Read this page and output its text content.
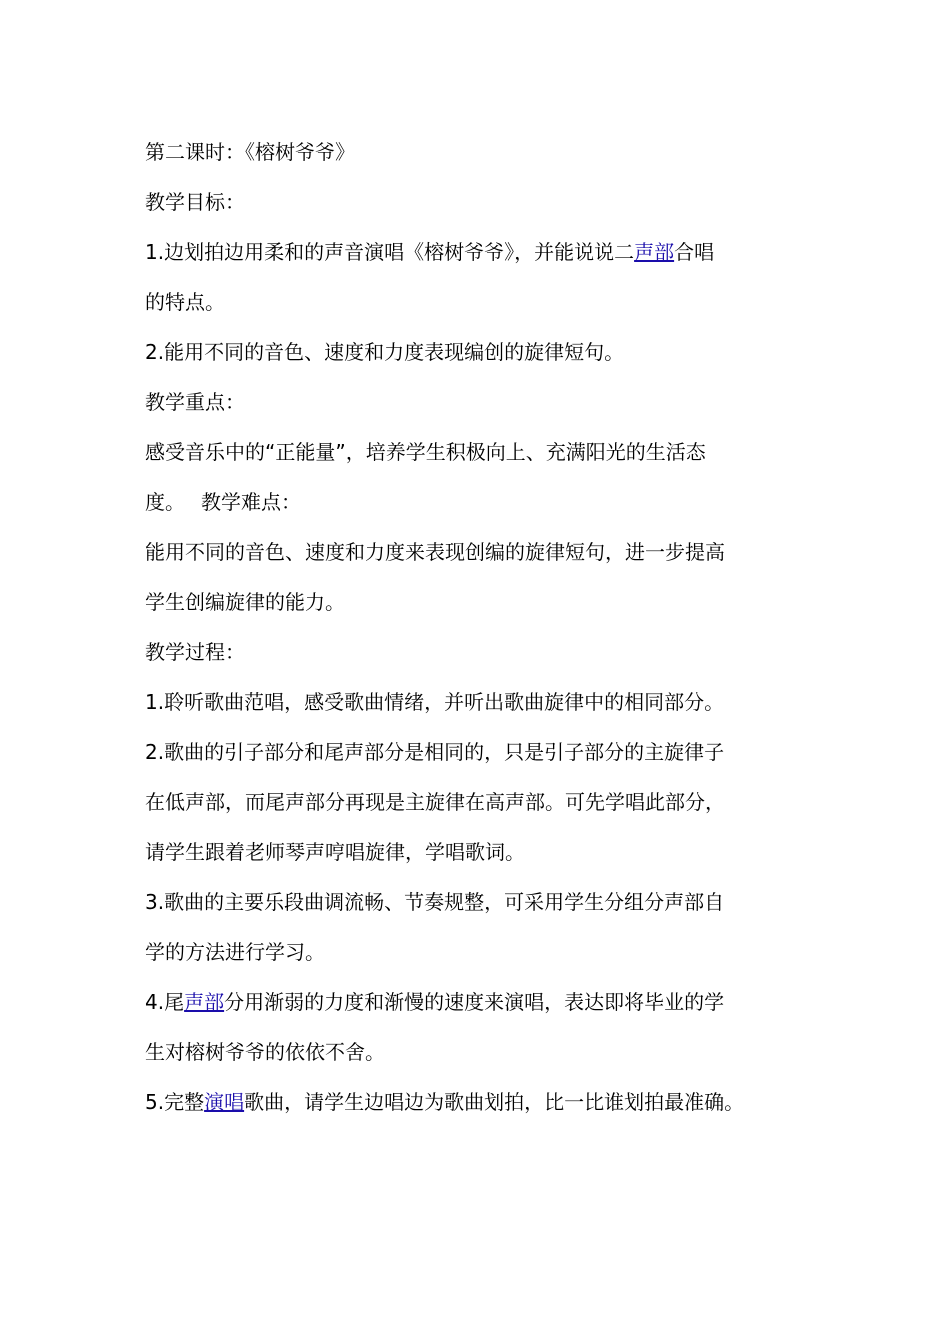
第二课时：《榕树爷爷》
教学目标：
1.边划拍边用柔和的声音演唱《榕树爷爷》，并能说说二声部合唱
的特点。
2.能用不同的音色、速度和力度表现编创的旋律短句。
教学重点：
感受音乐中的“正能量”，培养学生积极向上、充满阳光的生活态
度。 教学难点：
能用不同的音色、速度和力度来表现创编的旋律短句，进一步提高
学生创编旋律的能力。
教学过程：
1.聆听歌曲范唱，感受歌曲情绪，并听出歌曲旋律中的相同部分。
2.歌曲的引子部分和尾声部分是相同的，只是引子部分的主旋律子
在低声部，而尾声部分再现是主旋律在高声部。可先学唱此部分，
请学生跟着老师琴声哼唱旋律，学唱歌词。
3.歌曲的主要乐段曲调流畅、节奏规整，可采用学生分组分声部自
学的方法进行学习。
4.尾声部分用渐弱的力度和渐慢的速度来演唱，表达即将毕业的学
生对榕树爷爷的依依不舍。
5.完整演唱歌曲，请学生边唱边为歌曲划拍，比一比谁划拍最准确。
